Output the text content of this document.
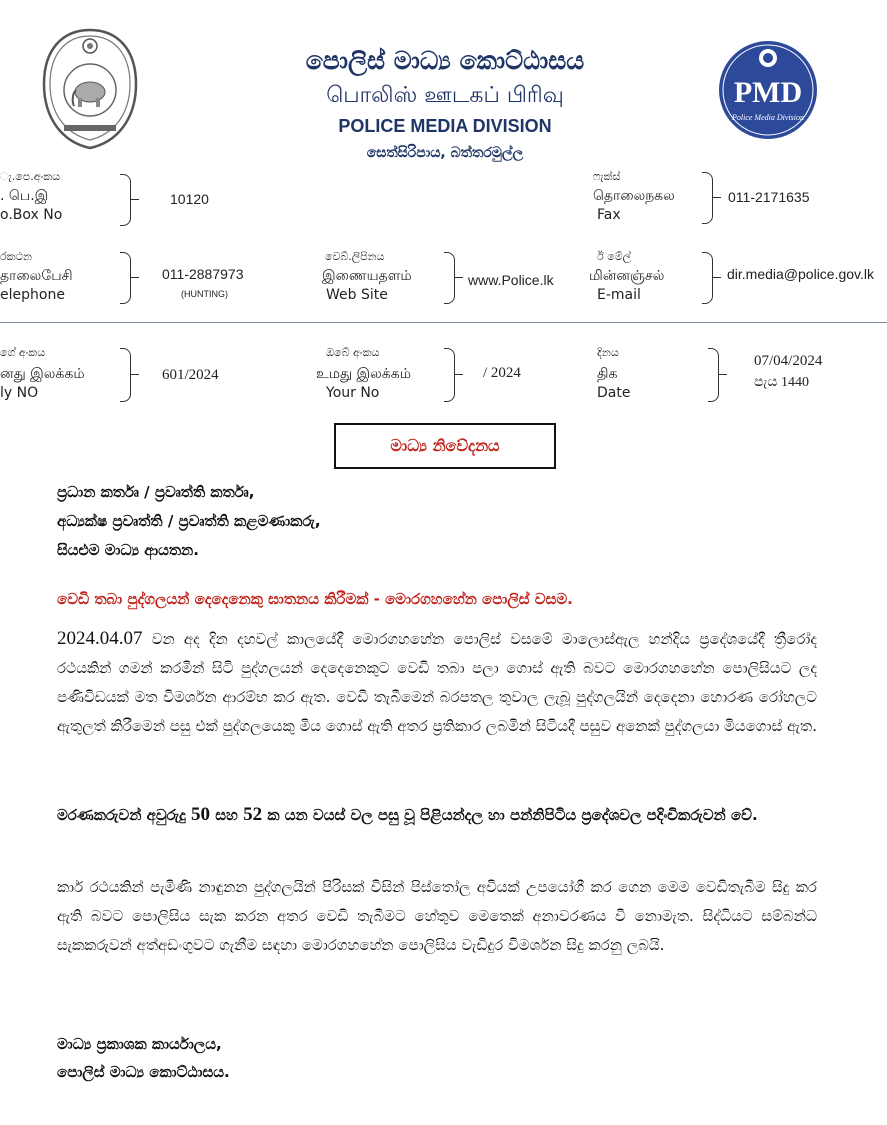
පොලිස් මාධ්‍ය කොට්ඨාසය
பொலிஸ் ஊடகப் பிரிவு
POLICE MEDIA DIVISION
සෙත්සිරිපාය, බත්තරමුල්ල
PMD
Police Media Division
ැ.පෙ.අංකය
. பெ.இ
o.Box No
10120
ෆැක්ස්
தொலைநகல
Fax
011-2171635
රකථන
தாலைபேசி
elephone
011-2887973
(HUNTING)
වෙබ්.ලිපිනය
இணையதளம்
Web Site
www.Police.lk
ඊ මේල්
மின்னஞ்சல்
E-mail
dir.media@police.gov.lk
ගේ අංකය
னது இலக்கம்
ly NO
601/2024
ඔබේ අංකය
உமது இலக்கம்
Your No
/ 2024
දිනය
திக
Date
07/04/2024
පැය 1440
මාධ්‍ය නිවේදනය
ප්‍රධාන කර්තෘ / ප්‍රවෘත්ති කර්තෘ,
අධ්‍යක්ෂ ප්‍රවෘත්ති / ප්‍රවෘත්ති කළමණාකරු,
සියළුම මාධ්‍ය ආයතන.
වෙඩි තබා පුද්ගලයන් දෙදෙනෙකු ඝාතනය කිරීමක් - මොරගහහේන පොලිස් වසම.
2024.04.07 වන අද දින දහවල් කාලයේදී මොරගහහේන පොලිස් වසමේ මාලොස්ඇල හන්දිය ප්‍රදේශයේදී ත්‍රීරෝද රථයකින් ගමන් කරමින් සිටි පුද්ගලයන් දෙදෙනෙකුට වෙඩි තබා පලා ගොස් ඇති බවට මොරගහහේන පොලිසියට ලද පණිවිඩයක් මත විමර්ශන ආරම්භ කර ඇත. වෙඩි තැබීමෙන් බරපතල තුවාල ලැබූ පුද්ගලයින් දෙදෙනා හොරණ රෝහලට ඇතුලත් කිරීමෙන් පසු එක් පුද්ගලයෙකු මිය ගොස් ඇති අතර ප්‍රතිකාර ලබමින් සිටියදී පසුව අනෙක් පුද්ගලයා මියගොස් ඇත.
මරණකරුවන් අවුරුදු 50 සහ 52 ක යන වයස් වල පසු වූ පිළියන්දල හා පන්නිපිටිය ප්‍රදේශවල පදිංචිකරුවන් වේ.
කාර් රථයකින් පැමිණි නාඳුනන පුද්ගලයින් පිරිසක් විසින් පිස්තෝල අවියක් උපයෝගී කර ගෙන මෙම වෙඩිතැබීම සිදු කර ඇති බවට පොලිසිය සැක කරන අතර වෙඩි තැබීමට හේතුව මෙතෙක් අනාවරණය වී නොමැත. සිද්ධියට සම්බන්ධ සැකකරුවන් අත්අඩංගුවට ගැනීම සඳහා මොරගහහේන පොලිසිය වැඩිදුර විමර්ශන සිදු කරනු ලබයි.
මාධ්‍ය ප්‍රකාශක කාර්යාලය,
පොලිස් මාධ්‍ය කොට්ඨාසය.
